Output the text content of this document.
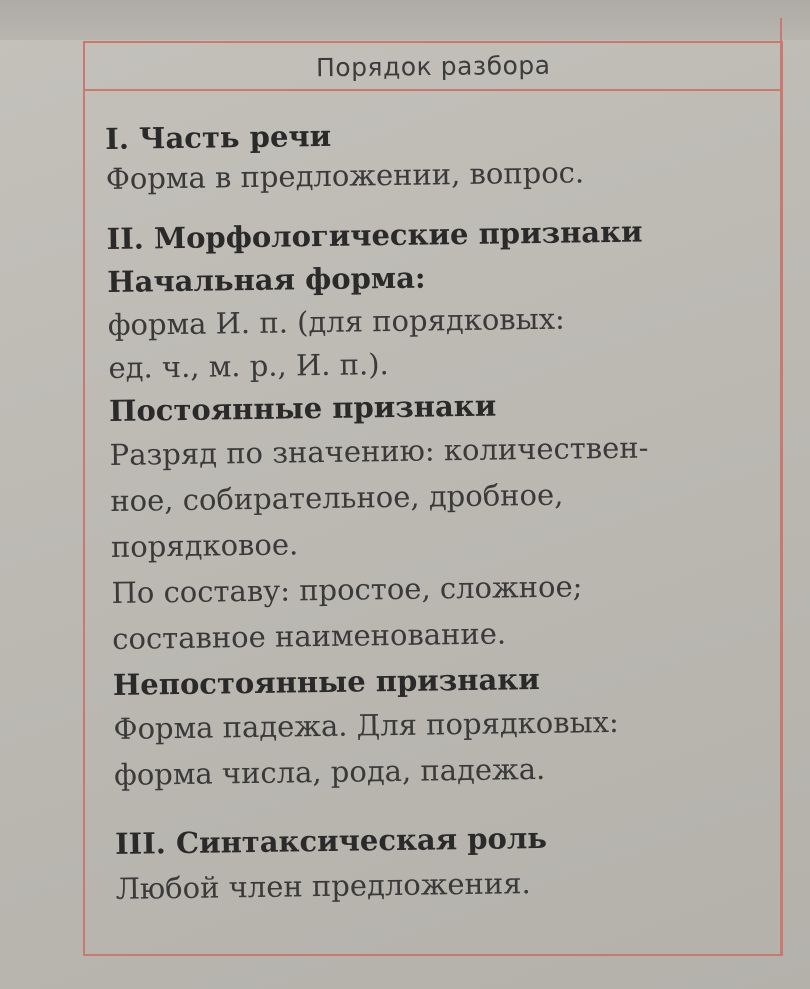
Порядок разбора
I. Часть речи
Форма в предложении, вопрос.
II. Морфологические признаки
Начальная форма:
форма И. п. (для порядковых:
ед. ч., м. р., И. п.).
Постоянные признаки
Разряд по значению: количествен-
ное, собирательное, дробное,
порядковое.
По составу: простое, сложное;
составное наименование.
Непостоянные признаки
Форма падежа. Для порядковых:
форма числа, рода, падежа.
III. Синтаксическая роль
Любой член предложения.
